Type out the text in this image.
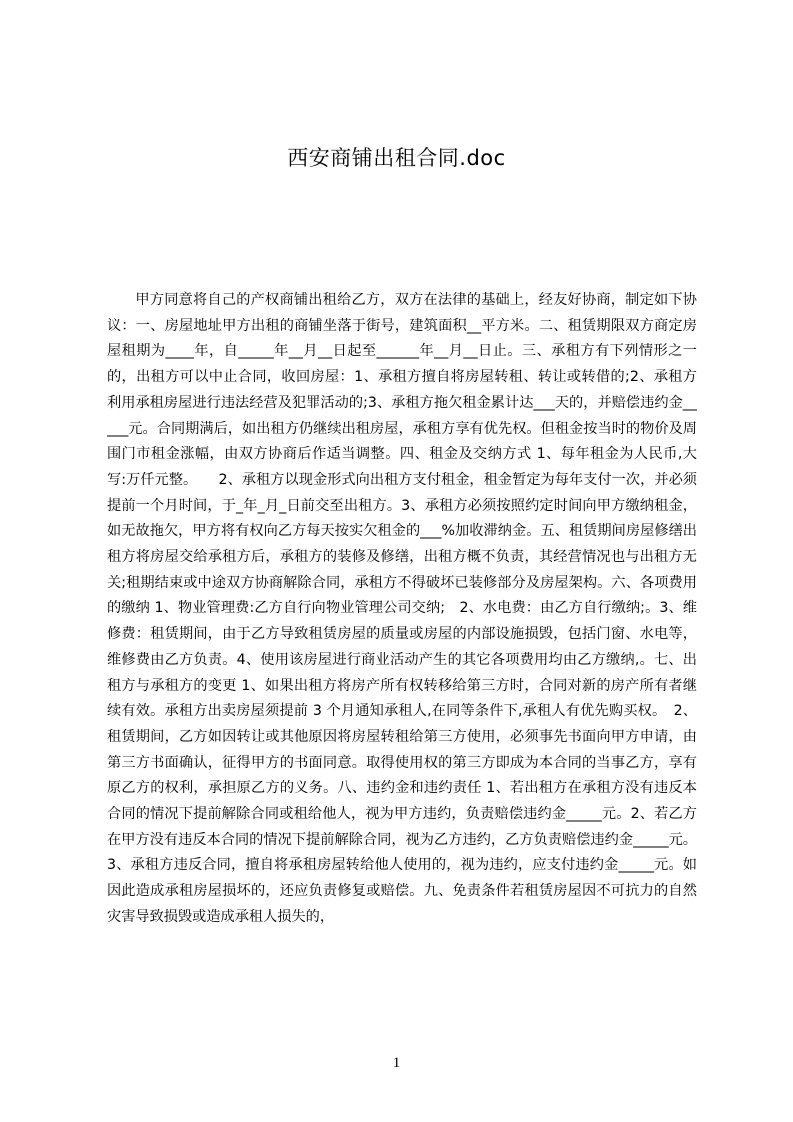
西安商铺出租合同.doc

甲方同意将自己的产权商铺出租给乙方，双方在法律的基础上，经友好协商，制定如下协议：一、房屋地址甲方出租的商铺坐落于街号，建筑面积__平方米。二、租赁期限双方商定房屋租期为____年，自_____年__月__日起至______年__月__日止。三、承租方有下列情形之一的，出租方可以中止合同，收回房屋：1、承租方擅自将房屋转租、转让或转借的;2、承租方利用承租房屋进行违法经营及犯罪活动的;3、承租方拖欠租金累计达___天的，并赔偿违约金_____元。合同期满后，如出租方仍继续出租房屋，承租方享有优先权。但租金按当时的物价及周围门市租金涨幅，由双方协商后作适当调整。四、租金及交纳方式 1、每年租金为人民币,大写:万仟元整。　　2、承租方以现金形式向出租方支付租金，租金暂定为每年支付一次，并必须提前一个月时间，于_年_月_日前交至出租方。3、承租方必须按照约定时间向甲方缴纳租金，如无故拖欠，甲方将有权向乙方每天按实欠租金的___%加收滞纳金。五、租赁期间房屋修缮出租方将房屋交给承租方后，承租方的装修及修缮，出租方概不负责，其经营情况也与出租方无关;租期结束或中途双方协商解除合同，承租方不得破坏已装修部分及房屋架构。六、各项费用的缴纳 1、物业管理费:乙方自行向物业管理公司交纳;　2、水电费：由乙方自行缴纳;。3、维修费：租赁期间，由于乙方导致租赁房屋的质量或房屋的内部设施损毁，包括门窗、水电等，维修费由乙方负责。4、使用该房屋进行商业活动产生的其它各项费用均由乙方缴纳,。七、出租方与承租方的变更 1、如果出租方将房产所有权转移给第三方时，合同对新的房产所有者继续有效。承租方出卖房屋须提前 3 个月通知承租人,在同等条件下,承租人有优先购买权。　2、租赁期间，乙方如因转让或其他原因将房屋转租给第三方使用，必须事先书面向甲方申请，由第三方书面确认，征得甲方的书面同意。取得使用权的第三方即成为本合同的当事乙方，享有原乙方的权利，承担原乙方的义务。八、违约金和违约责任 1、若出租方在承租方没有违反本合同的情况下提前解除合同或租给他人，视为甲方违约，负责赔偿违约金_____元。2、若乙方在甲方没有违反本合同的情况下提前解除合同，视为乙方违约，乙方负责赔偿违约金_____元。3、承租方违反合同，擅自将承租房屋转给他人使用的，视为违约，应支付违约金_____元。如因此造成承租房屋损坏的，还应负责修复或赔偿。九、免责条件若租赁房屋因不可抗力的自然灾害导致损毁或造成承租人损失的，

1
